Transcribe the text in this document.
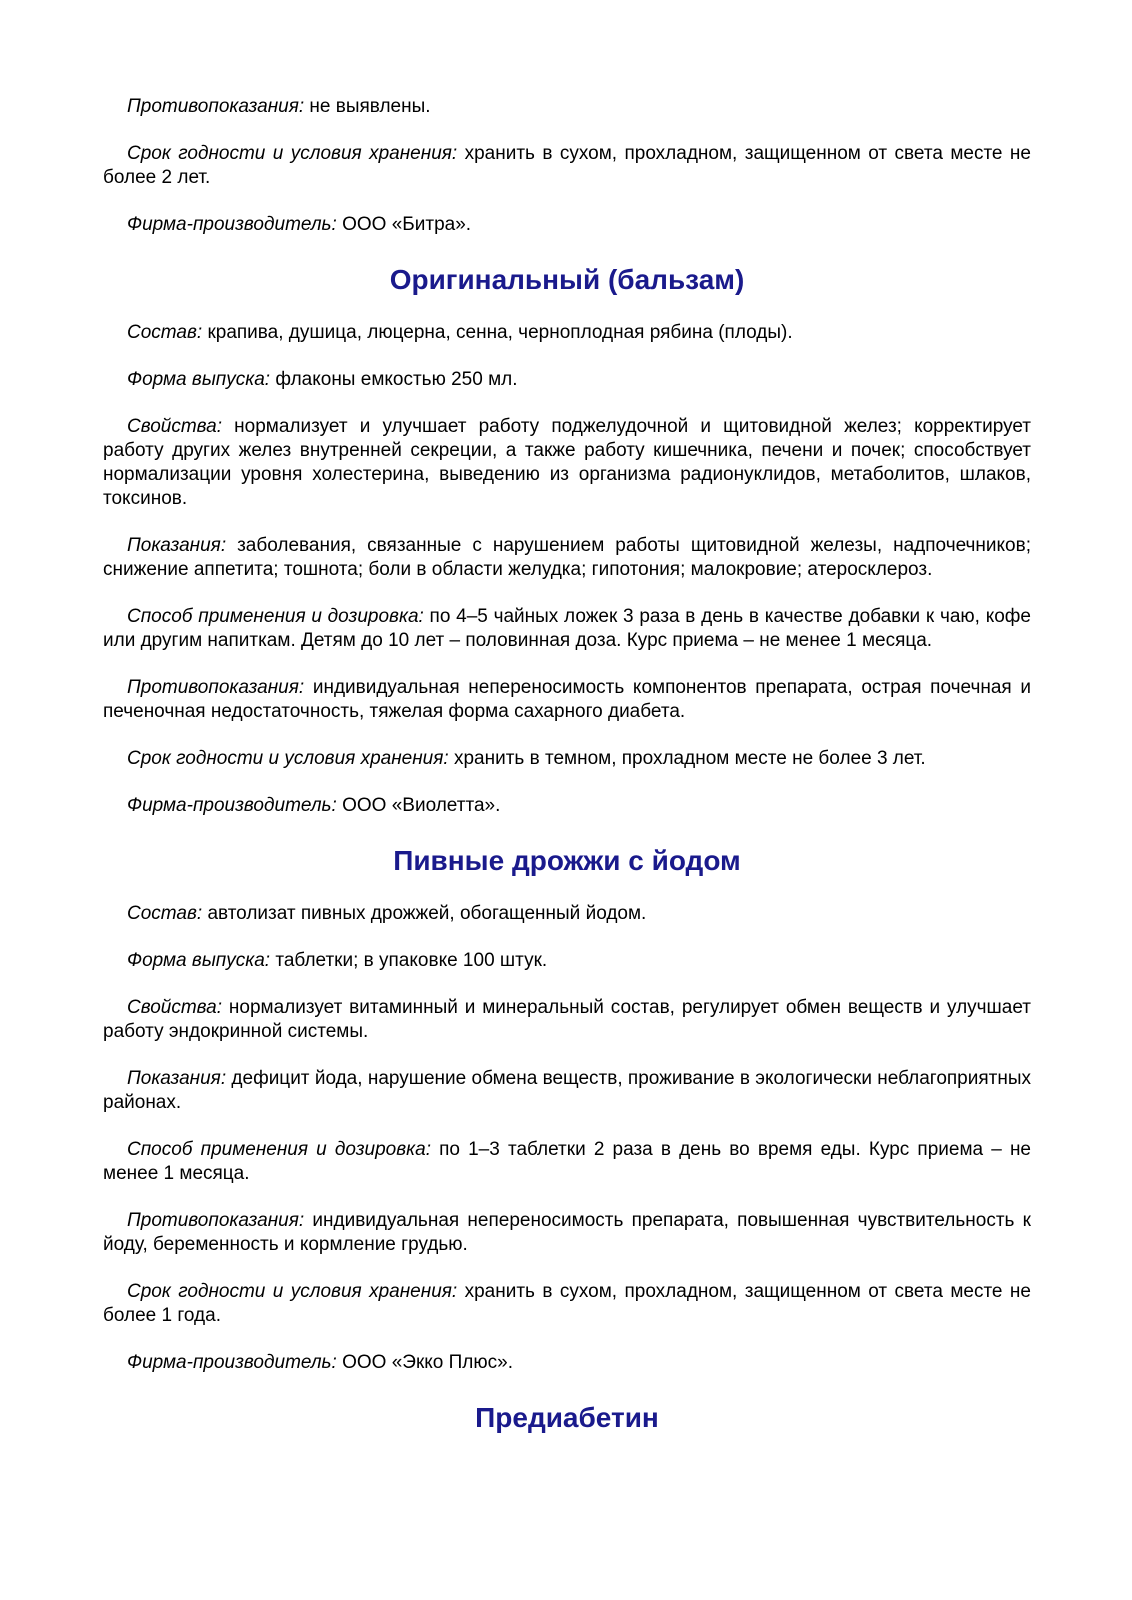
Противопоказания: не выявлены.

Срок годности и условия хранения: хранить в сухом, прохладном, защищенном от света месте не более 2 лет.

Фирма-производитель: ООО «Битра».

Оригинальный (бальзам)

Состав: крапива, душица, люцерна, сенна, черноплодная рябина (плоды).

Форма выпуска: флаконы емкостью 250 мл.

Свойства: нормализует и улучшает работу поджелудочной и щитовидной желез; корректирует работу других желез внутренней секреции, а также работу кишечника, печени и почек; способствует нормализации уровня холестерина, выведению из организма радионуклидов, метаболитов, шлаков, токсинов.

Показания: заболевания, связанные с нарушением работы щитовидной железы, надпочечников; снижение аппетита; тошнота; боли в области желудка; гипотония; малокровие; атеросклероз.

Способ применения и дозировка: по 4–5 чайных ложек 3 раза в день в качестве добавки к чаю, кофе или другим напиткам. Детям до 10 лет – половинная доза. Курс приема – не менее 1 месяца.

Противопоказания: индивидуальная непереносимость компонентов препарата, острая почечная и печеночная недостаточность, тяжелая форма сахарного диабета.

Срок годности и условия хранения: хранить в темном, прохладном месте не более 3 лет.

Фирма-производитель: ООО «Виолетта».

Пивные дрожжи с йодом

Состав: автолизат пивных дрожжей, обогащенный йодом.

Форма выпуска: таблетки; в упаковке 100 штук.

Свойства: нормализует витаминный и минеральный состав, регулирует обмен веществ и улучшает работу эндокринной системы.

Показания: дефицит йода, нарушение обмена веществ, проживание в экологически неблагоприятных районах.

Способ применения и дозировка: по 1–3 таблетки 2 раза в день во время еды. Курс приема – не менее 1 месяца.

Противопоказания: индивидуальная непереносимость препарата, повышенная чувствительность к йоду, беременность и кормление грудью.

Срок годности и условия хранения: хранить в сухом, прохладном, защищенном от света месте не более 1 года.

Фирма-производитель: ООО «Экко Плюс».

Предиабетин
